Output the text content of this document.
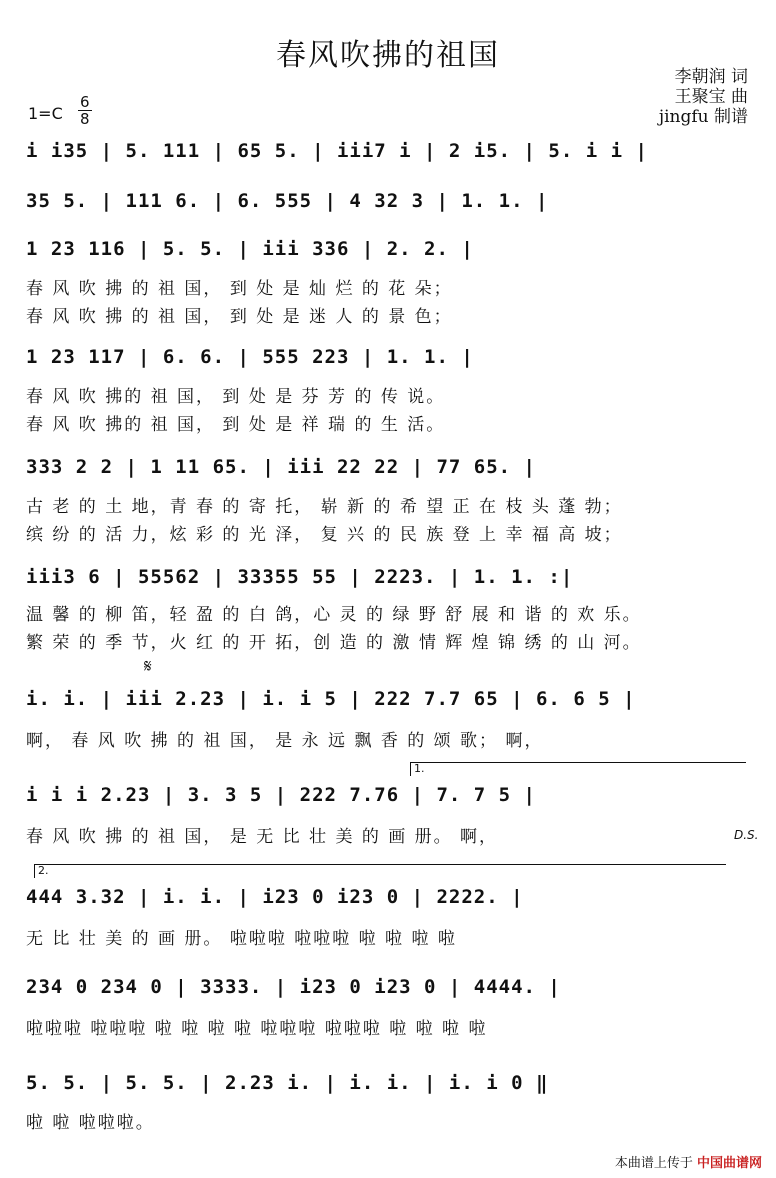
春风吹拂的祖国
李朝润 词
王聚宝 曲
jingfu 制谱
1=C
6
8
i i35 | 5. 111 | 65 5. | iii7 i | 2 i5. | 5. i i |
35 5. | 111 6. | 6. 555 | 4 32 3 | 1. 1. |
1 23 116 | 5. 5. | iii 336 | 2. 2. |
春 风 吹 拂 的 祖 国， 到 处 是 灿 烂 的 花 朵；
春 风 吹 拂 的 祖 国， 到 处 是 迷 人 的 景 色；
1 23 117 | 6. 6. | 555 223 | 1. 1. |
春 风 吹 拂的 祖 国， 到 处 是 芬 芳 的 传 说。
春 风 吹 拂的 祖 国， 到 处 是 祥 瑞 的 生 活。
333 2 2 | 1 11 65. | iii 22 22 | 77 65. |
古 老 的 土 地，青 春 的 寄 托， 崭 新 的 希 望 正 在 枝 头 蓬 勃；
缤 纷 的 活 力，炫 彩 的 光 泽， 复 兴 的 民 族 登 上 幸 福 高 坡；
iii3 6 | 55562 | 33355 55 | 2223. | 1. 1. :|
温 馨 的 柳 笛，轻 盈 的 白 鸽，心 灵 的 绿 野 舒 展 和 谐 的 欢 乐。
繁 荣 的 季 节，火 红 的 开 拓，创 造 的 激 情 辉 煌 锦 绣 的 山 河。
𝄋
i. i. | iii 2.23 | i. i 5 | 222 7.7 65 | 6. 6 5 |
啊， 春 风 吹 拂 的 祖 国， 是 永 远 飘 香 的 颂 歌； 啊，
1.
i i i 2.23 | 3. 3 5 | 222 7.76 | 7. 7 5 |
春 风 吹 拂 的 祖 国， 是 无 比 壮 美 的 画 册。 啊，	D.S.
2.
444 3.32 | i. i. | i23 0 i23 0 | 2222. |
无 比 壮 美 的 画 册。 啦啦啦 啦啦啦 啦 啦 啦 啦
234 0 234 0 | 3333. | i23 0 i23 0 | 4444. |
啦啦啦 啦啦啦 啦 啦 啦 啦 啦啦啦 啦啦啦 啦 啦 啦 啦
5. 5. | 5. 5. | 2.23 i. | i. i. | i. i 0 ‖
啦 啦 啦啦啦。
本曲谱上传于 中国曲谱网
